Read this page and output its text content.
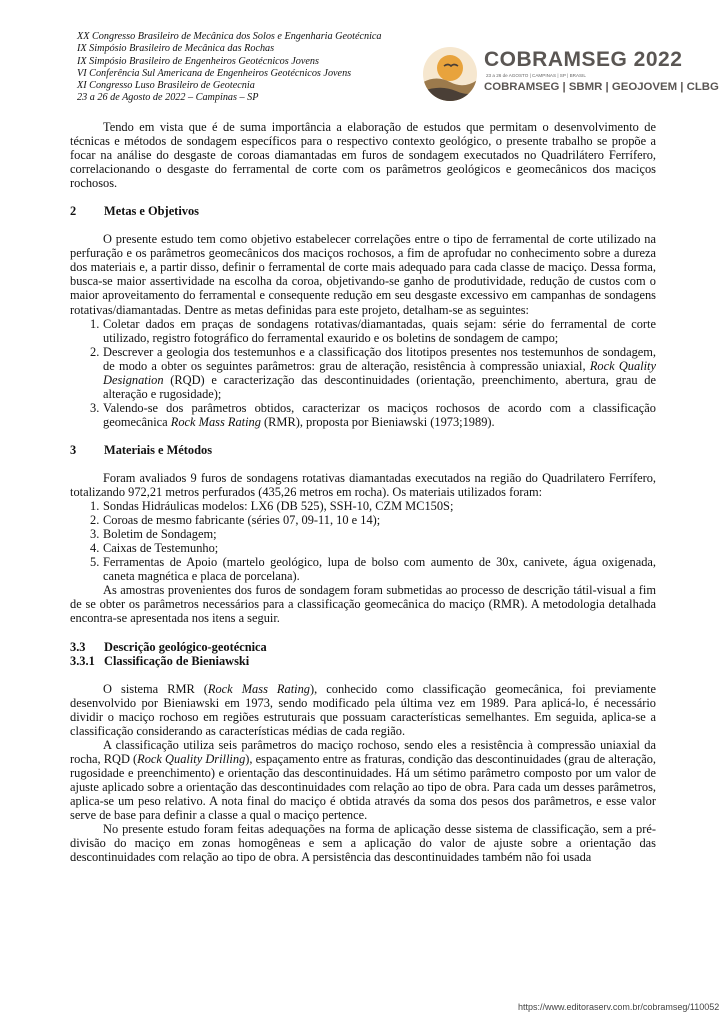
XX Congresso Brasileiro de Mecânica dos Solos e Engenharia Geotécnica
IX Simpósio Brasileiro de Mecânica das Rochas
IX Simpósio Brasileiro de Engenheiros Geotécnicos Jovens
VI Conferência Sul Americana de Engenheiros Geotécnicos Jovens
XI Congresso Luso Brasileiro de Geotecnia
23 a 26 de Agosto de 2022 – Campinas – SP
COBRAMSEG 2022
23 a 26 de AGOSTO | CAMPINAS | SP | BRASIL
COBRAMSEG | SBMR | GEOJOVEM | CLBG

Tendo em vista que é de suma importância a elaboração de estudos que permitam o desenvolvimento de técnicas e métodos de sondagem específicos para o respectivo contexto geológico, o presente trabalho se propõe a focar na análise do desgaste de coroas diamantadas em furos de sondagem executados no Quadrilátero Ferrífero, correlacionando o desgaste do ferramental de corte com os parâmetros geológicos e geomecânicos dos maciços rochosos.

2 Metas e Objetivos

O presente estudo tem como objetivo estabelecer correlações entre o tipo de ferramental de corte utilizado na perfuração e os parâmetros geomecânicos dos maciços rochosos, a fim de aprofudar no conhecimento sobre a dureza dos materiais e, a partir disso, definir o ferramental de corte mais adequado para cada classe de maciço. Dessa forma, busca-se maior assertividade na escolha da coroa, objetivando-se ganho de produtividade, redução de custos com o maior aproveitamento do ferramental e consequente redução em seu desgaste excessivo em campanhas de sondagens rotativas/diamantadas. Dentre as metas definidas para este projeto, detalham-se as seguintes:

1. Coletar dados em praças de sondagens rotativas/diamantadas, quais sejam: série do ferramental de corte utilizado, registro fotográfico do ferramental exaurido e os boletins de sondagem de campo;
2. Descrever a geologia dos testemunhos e a classificação dos litotipos presentes nos testemunhos de sondagem, de modo a obter os seguintes parâmetros: grau de alteração, resistência à compressão uniaxial, Rock Quality Designation (RQD) e caracterização das descontinuidades (orientação, preenchimento, abertura, grau de alteração e rugosidade);
3. Valendo-se dos parâmetros obtidos, caracterizar os maciços rochosos de acordo com a classificação geomecânica Rock Mass Rating (RMR), proposta por Bieniawski (1973;1989).
3 Materiais e Métodos

Foram avaliados 9 furos de sondagens rotativas diamantadas executados na região do Quadrilatero Ferrífero, totalizando 972,21 metros perfurados (435,26 metros em rocha). Os materiais utilizados foram:

1. Sondas Hidráulicas modelos: LX6 (DB 525), SSH-10, CZM MC150S;
2. Coroas de mesmo fabricante (séries 07, 09-11, 10 e 14);
3. Boletim de Sondagem;
4. Caixas de Testemunho;
5. Ferramentas de Apoio (martelo geológico, lupa de bolso com aumento de 30x, canivete, água oxigenada, caneta magnética e placa de porcelana).

As amostras provenientes dos furos de sondagem foram submetidas ao processo de descrição tátil-visual a fim de se obter os parâmetros necessários para a classificação geomecânica do maciço (RMR). A metodologia detalhada encontra-se apresentada nos itens a seguir.

3.3 Descrição geológico-geotécnica
3.3.1 Classificação de Bieniawski

O sistema RMR (Rock Mass Rating), conhecido como classificação geomecânica, foi previamente desenvolvido por Bieniawski em 1973, sendo modificado pela última vez em 1989. Para aplicá-lo, é necessário dividir o maciço rochoso em regiões estruturais que possuam características semelhantes. Em seguida, aplica-se a classificação considerando as características médias de cada região.

A classificação utiliza seis parâmetros do maciço rochoso, sendo eles a resistência à compressão uniaxial da rocha, RQD (Rock Quality Drilling), espaçamento entre as fraturas, condição das descontinuidades (grau de alteração, rugosidade e preenchimento) e orientação das descontinuidades. Há um sétimo parâmetro composto por um valor de ajuste aplicado sobre a orientação das descontinuidades com relação ao tipo de obra. Para cada um desses parâmetros, aplica-se um peso relativo. A nota final do maciço é obtida através da soma dos pesos dos parâmetros, e esse valor serve de base para definir a classe a qual o maciço pertence.

No presente estudo foram feitas adequações na forma de aplicação desse sistema de classificação, sem a pré-divisão do maciço em zonas homogêneas e sem a aplicação do valor de ajuste sobre a orientação das descontinuidades com relação ao tipo de obra. A persistência das descontinuidades também não foi usada

https://www.editoraserv.com.br/cobramseg/110052
